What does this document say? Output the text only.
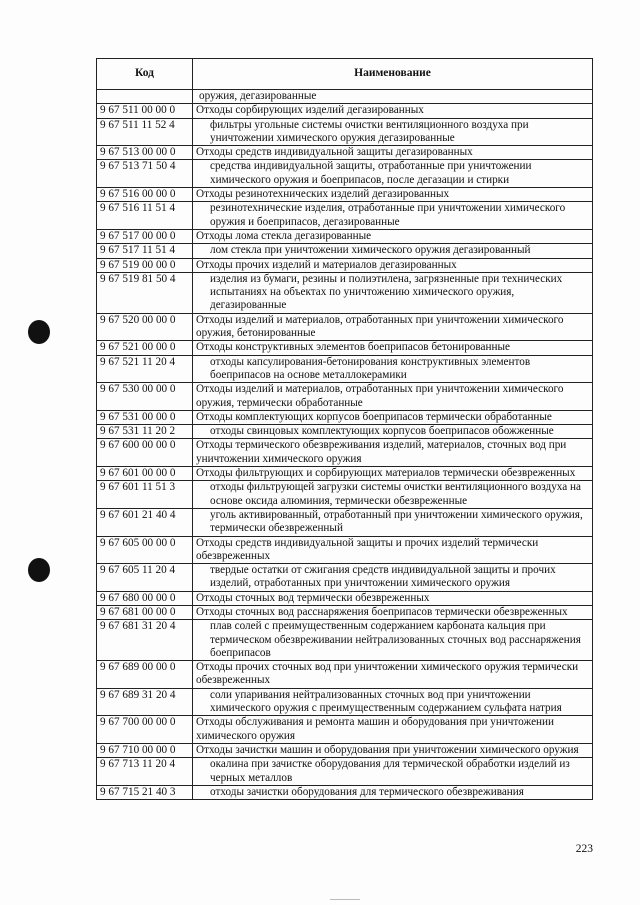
Код	Наименование
	оружия, дегазированные
9 67 511 00 00 0	Отходы сорбирующих изделий дегазированных
9 67 511 11 52 4	фильтры угольные системы очистки вентиляционного воздуха при уничтожении химического оружия дегазированные
9 67 513 00 00 0	Отходы средств индивидуальной защиты дегазированных
9 67 513 71 50 4	средства индивидуальной защиты, отработанные при уничтожении химического оружия и боеприпасов, после дегазации и стирки
9 67 516 00 00 0	Отходы резинотехнических изделий дегазированных
9 67 516 11 51 4	резинотехнические изделия, отработанные при уничтожении химического оружия и боеприпасов, дегазированные
9 67 517 00 00 0	Отходы лома стекла дегазированные
9 67 517 11 51 4	лом стекла при уничтожении химического оружия дегазированный
9 67 519 00 00 0	Отходы прочих изделий и материалов дегазированных
9 67 519 81 50 4	изделия из бумаги, резины и полиэтилена, загрязненные при технических испытаниях на объектах по уничтожению химического оружия, дегазированные
9 67 520 00 00 0	Отходы изделий и материалов, отработанных при уничтожении химического оружия, бетонированные
9 67 521 00 00 0	Отходы конструктивных элементов боеприпасов бетонированные
9 67 521 11 20 4	отходы капсулирования-бетонирования конструктивных элементов боеприпасов на основе металлокерамики
9 67 530 00 00 0	Отходы изделий и материалов, отработанных при уничтожении химического оружия, термически обработанные
9 67 531 00 00 0	Отходы комплектующих корпусов боеприпасов термически обработанные
9 67 531 11 20 2	отходы свинцовых комплектующих корпусов боеприпасов обожженные
9 67 600 00 00 0	Отходы термического обезвреживания изделий, материалов, сточных вод при уничтожении химического оружия
9 67 601 00 00 0	Отходы фильтрующих и сорбирующих материалов термически обезвреженных
9 67 601 11 51 3	отходы фильтрующей загрузки системы очистки вентиляционного воздуха на основе оксида алюминия, термически обезвреженные
9 67 601 21 40 4	уголь активированный, отработанный при уничтожении химического оружия, термически обезвреженный
9 67 605 00 00 0	Отходы средств индивидуальной защиты и прочих изделий термически обезвреженных
9 67 605 11 20 4	твердые остатки от сжигания средств индивидуальной защиты и прочих изделий, отработанных при уничтожении химического оружия
9 67 680 00 00 0	Отходы сточных вод термически обезвреженных
9 67 681 00 00 0	Отходы сточных вод расснаряжения боеприпасов термически обезвреженных
9 67 681 31 20 4	плав солей с преимущественным содержанием карбоната кальция при термическом обезвреживании нейтрализованных сточных вод расснаряжения боеприпасов
9 67 689 00 00 0	Отходы прочих сточных вод при уничтожении химического оружия термически обезвреженных
9 67 689 31 20 4	соли упаривания нейтрализованных сточных вод при уничтожении химического оружия с преимущественным содержанием сульфата натрия
9 67 700 00 00 0	Отходы обслуживания и ремонта машин и оборудования при уничтожении химического оружия
9 67 710 00 00 0	Отходы зачистки машин и оборудования при уничтожении химического оружия
9 67 713 11 20 4	окалина при зачистке оборудования для термической обработки изделий из черных металлов
9 67 715 21 40 3	отходы зачистки оборудования для термического обезвреживания
223
